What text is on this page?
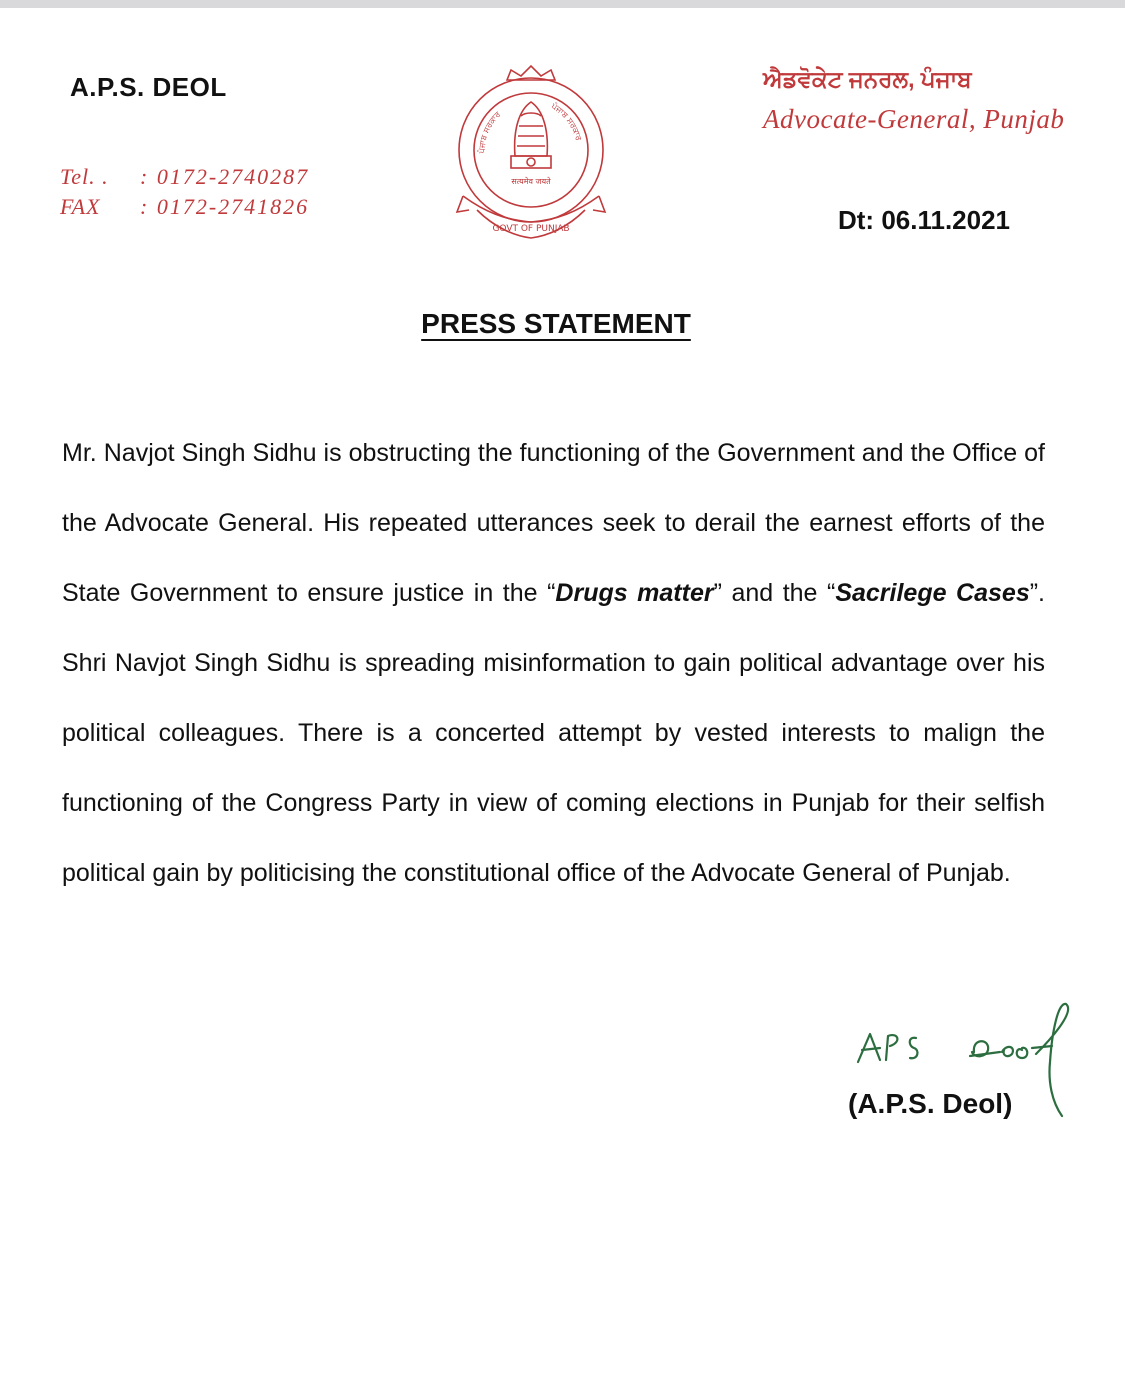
A.P.S. DEOL
Tel. . : 0172-2740287
FAX : 0172-2741826
ਪੰਜਾਬ ਸਰਕਾਰ
ਪੰਜਾਬ ਸਰਕਾਰ
सत्यमेव जयते
GOVT OF PUNJAB
ਐਡਵੋਕੇਟ ਜਨਰਲ, ਪੰਜਾਬ
Advocate-General, Punjab
Dt: 06.11.2021
PRESS STATEMENT
Mr. Navjot Singh Sidhu is obstructing the functioning of the Government and the Office of the Advocate General. His repeated utterances seek to derail the earnest efforts of the State Government to ensure justice in the “Drugs matter” and the “Sacrilege Cases”. Shri Navjot Singh Sidhu is spreading misinformation to gain political advantage over his political colleagues. There is a concerted attempt by vested interests to malign the functioning of the Congress Party in view of coming elections in Punjab for their selfish political gain by politicising the constitutional office of the Advocate General of Punjab.
(A.P.S. Deol)
